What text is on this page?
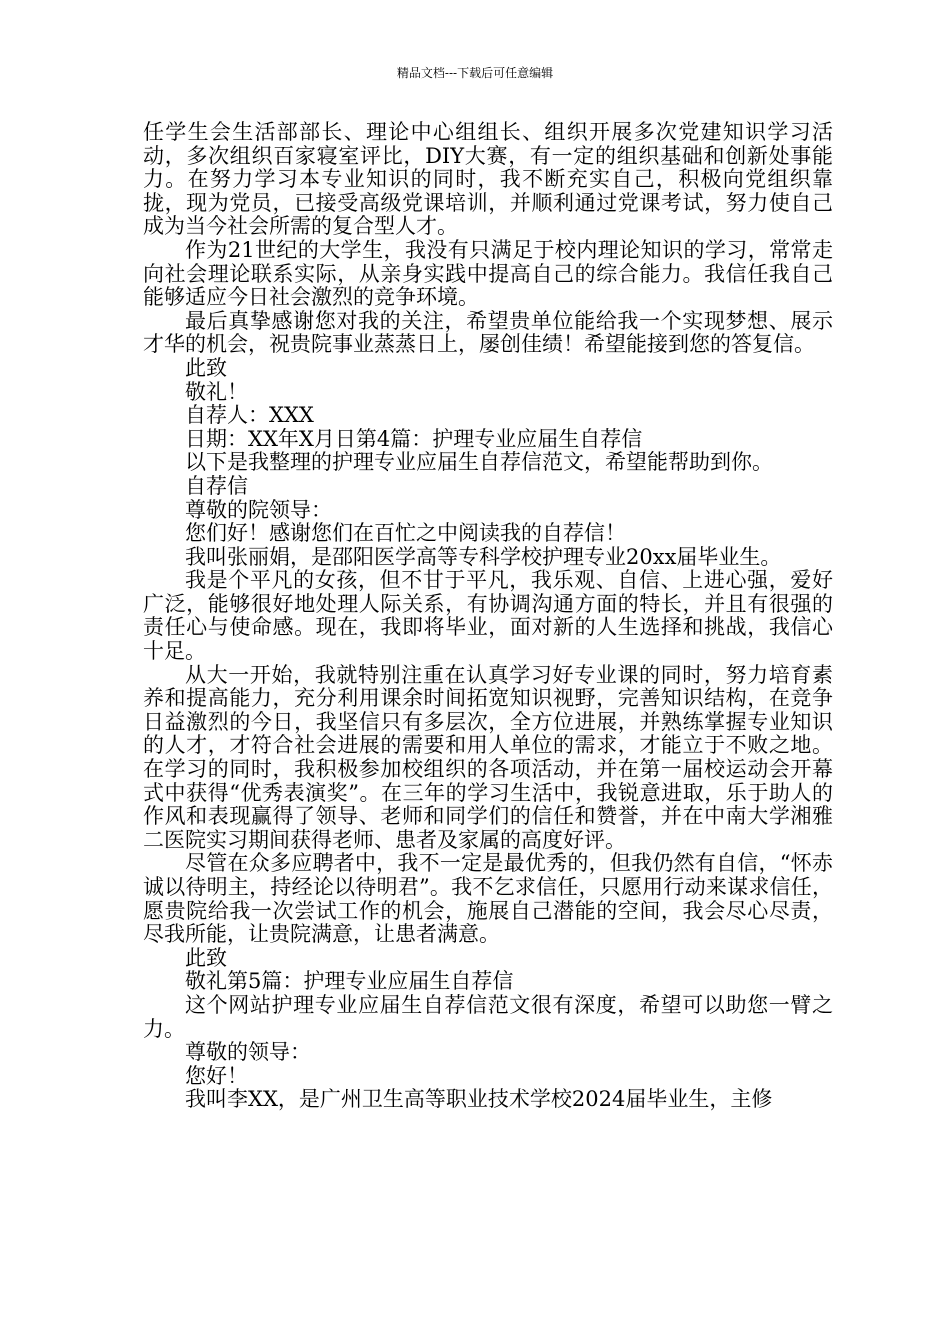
精品文档---下载后可任意编辑

任学生会生活部部长、理论中心组组长、组织开展多次党建知识学习活动，多次组织百家寝室评比，DIY大赛，有一定的组织基础和创新处事能力。在努力学习本专业知识的同时，我不断充实自己，积极向党组织靠拢，现为党员，已接受高级党课培训，并顺利通过党课考试，努力使自己成为当今社会所需的复合型人才。

作为21世纪的大学生，我没有只满足于校内理论知识的学习，常常走向社会理论联系实际，从亲身实践中提高自己的综合能力。我信任我自己能够适应今日社会激烈的竞争环境。

最后真挚感谢您对我的关注，希望贵单位能给我一个实现梦想、展示才华的机会，祝贵院事业蒸蒸日上，屡创佳绩！希望能接到您的答复信。

此致

敬礼！

自荐人：XXX

日期：XX年X月日第4篇：护理专业应届生自荐信

以下是我整理的护理专业应届生自荐信范文，希望能帮助到你。

自荐信

尊敬的院领导：

您们好！感谢您们在百忙之中阅读我的自荐信！

我叫张丽娟，是邵阳医学高等专科学校护理专业20xx届毕业生。

我是个平凡的女孩，但不甘于平凡，我乐观、自信、上进心强，爱好广泛，能够很好地处理人际关系，有协调沟通方面的特长，并且有很强的责任心与使命感。现在，我即将毕业，面对新的人生选择和挑战，我信心十足。

从大一开始，我就特别注重在认真学习好专业课的同时，努力培育素养和提高能力，充分利用课余时间拓宽知识视野，完善知识结构，在竞争日益激烈的今日，我坚信只有多层次，全方位进展，并熟练掌握专业知识的人才，才符合社会进展的需要和用人单位的需求，才能立于不败之地。在学习的同时，我积极参加校组织的各项活动，并在第一届校运动会开幕式中获得“优秀表演奖”。在三年的学习生活中，我锐意进取，乐于助人的作风和表现赢得了领导、老师和同学们的信任和赞誉，并在中南大学湘雅二医院实习期间获得老师、患者及家属的高度好评。

尽管在众多应聘者中，我不一定是最优秀的，但我仍然有自信，“怀赤诚以待明主，持经论以待明君”。我不乞求信任，只愿用行动来谋求信任，愿贵院给我一次尝试工作的机会，施展自己潜能的空间，我会尽心尽责，尽我所能，让贵院满意，让患者满意。

此致

敬礼第5篇：护理专业应届生自荐信

这个网站护理专业应届生自荐信范文很有深度，希望可以助您一臂之力。

尊敬的领导：

您好！

我叫李XX，是广州卫生高等职业技术学校2024届毕业生，主修
